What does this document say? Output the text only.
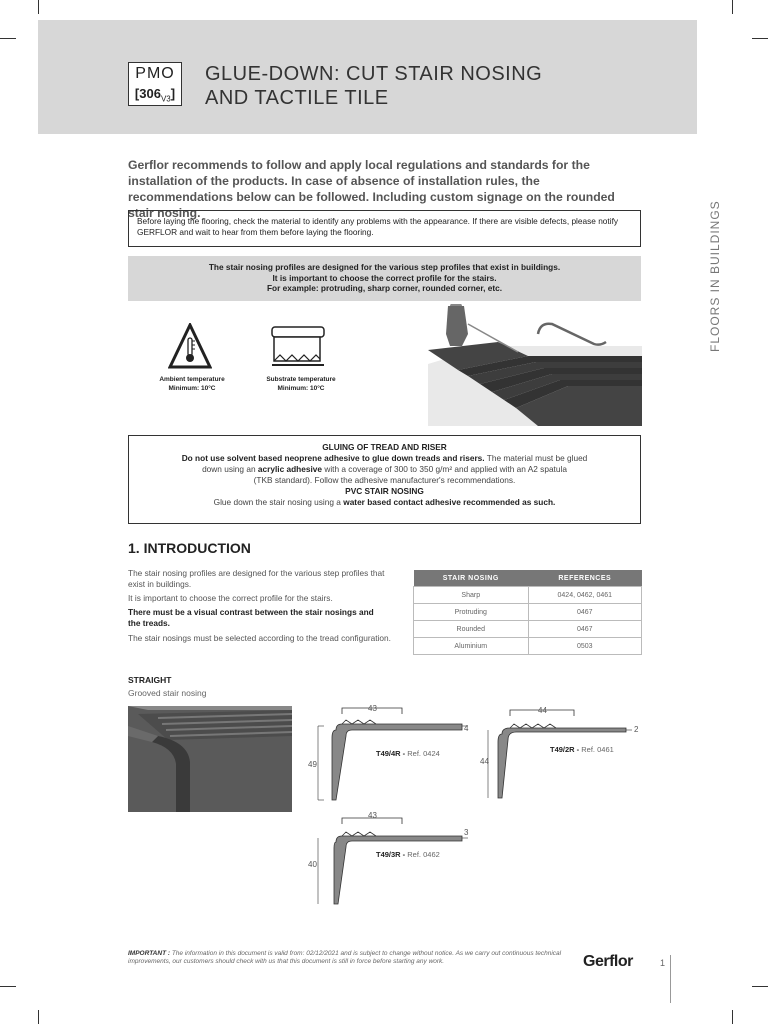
PMO
$[306_{V3}]$
GLUE-DOWN: CUT STAIR NOSING
AND TACTILE TILE
FLOORS IN BUILDINGS
Gerflor recommends to follow and apply local regulations and standards for the installation of the products. In case of absence of installation rules, the recommendations below can be followed. Including custom signage on the rounded stair nosing.
Before laying the flooring, check the material to identify any problems with the appearance. If there are visible defects, please notify GERFLOR and wait to hear from them before laying the flooring.
The stair nosing profiles are designed for the various step profiles that exist in buildings.
It is important to choose the correct profile for the stairs.
For example: protruding, sharp corner, rounded corner, etc.
Ambient temperature
Minimum: 10°C
Substrate temperature
Minimum: 10°C
GLUING OF TREAD AND RISER
Do not use solvent based neoprene adhesive to glue down treads and risers. The material must be glued
down using an acrylic adhesive with a coverage of 300 to 350 g/m² and applied with an A2 spatula
(TKB standard). Follow the adhesive manufacturer's recommendations.
PVC STAIR NOSING
Glue down the stair nosing using a water based contact adhesive recommended as such.
1. INTRODUCTION
The stair nosing profiles are designed for the various step profiles that exist in buildings.
It is important to choose the correct profile for the stairs.
There must be a visual contrast between the stair nosings and the treads.
The stair nosings must be selected according to the tread configuration.
STAIR NOSING	REFERENCES
Sharp	0424, 0462, 0461
Protruding	0467
Rounded	0467
Aluminium	0503
STRAIGHT
Grooved stair nosing
43
4
49
T49/4R - Ref. 0424
44
2
44
T49/2R - Ref. 0461
43
3
40
T49/3R - Ref. 0462
IMPORTANT : The information in this document is valid from: 02/12/2021 and is subject to change without notice. As we carry out continuous technical improvements, our customers should check with us that this document is still in force before starting any work.	Gerflor	1
